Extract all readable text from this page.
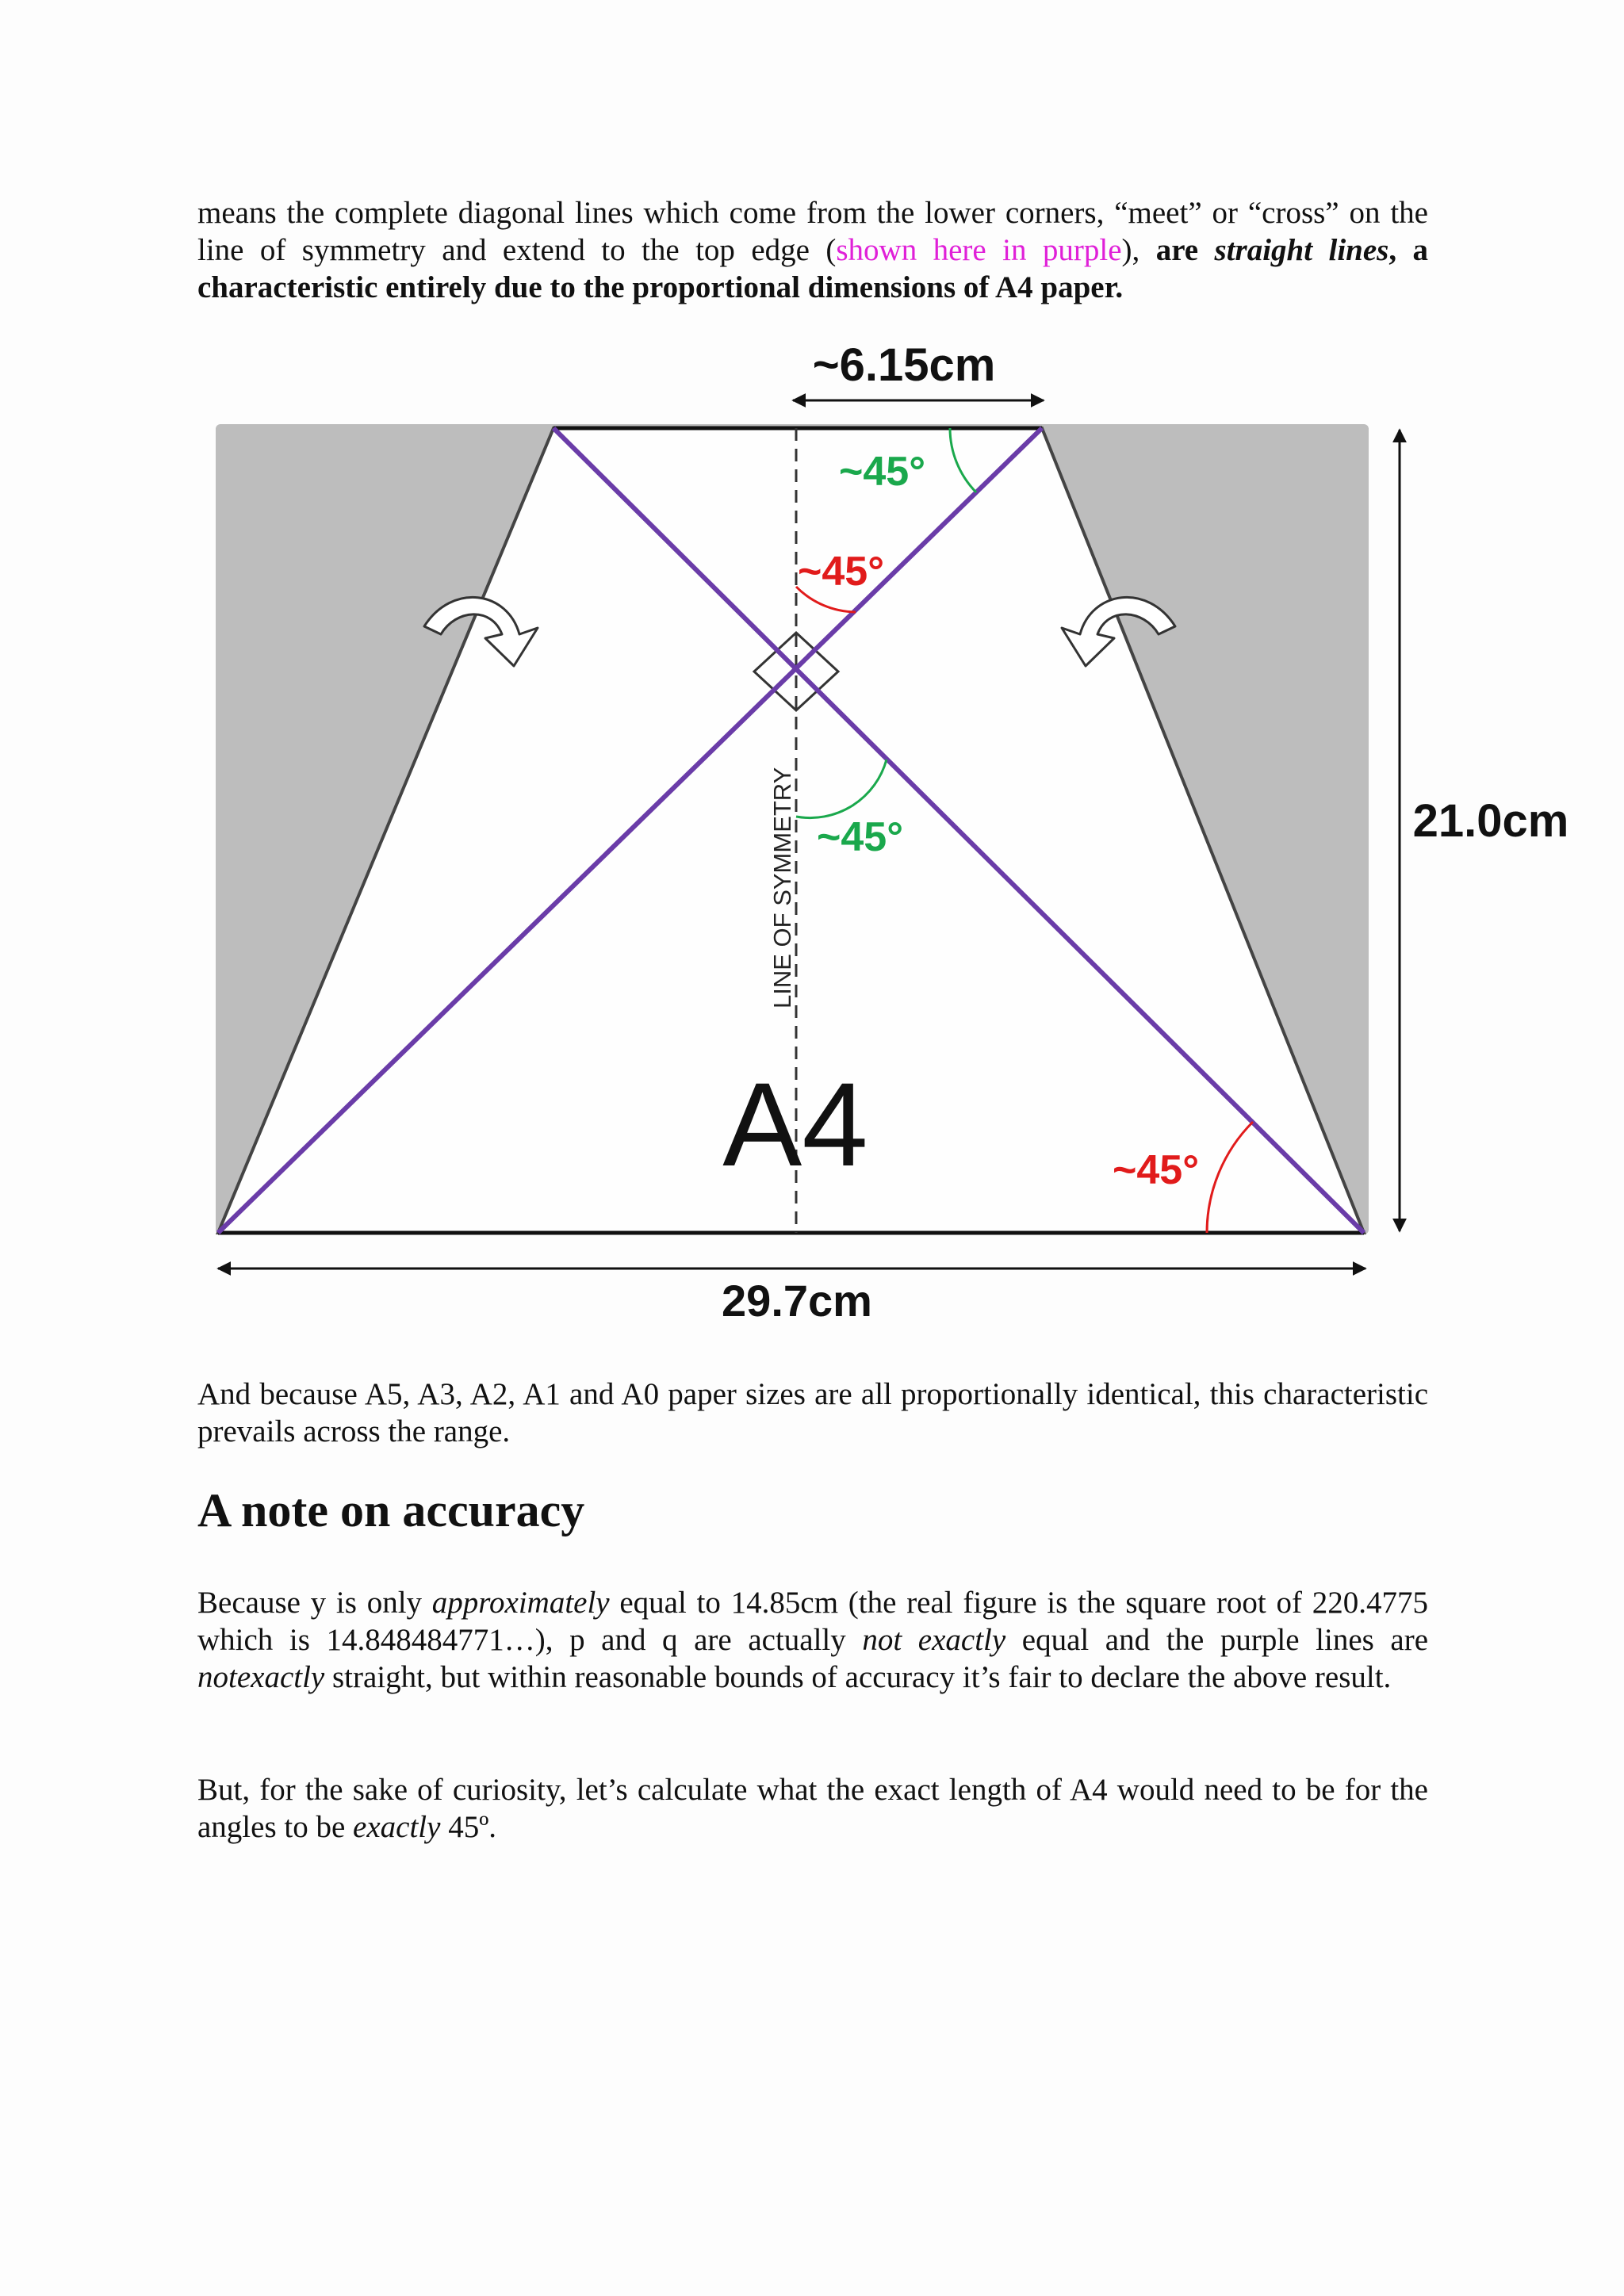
means the complete diagonal lines which come from the lower corners, “meet” or “cross” on the line of symmetry and extend to the top edge (shown here in purple), are straight lines, a characteristic entirely due to the proportional dimensions of A4 paper.

~6.15cm
21.0cm
29.7cm
A4
LINE OF SYMMETRY
~45°
~45°
~45°
~45°

And because A5, A3, A2, A1 and A0 paper sizes are all proportionally identical, this characteristic prevails across the range.

A note on accuracy

Because y is only approximately equal to 14.85cm (the real figure is the square root of 220.4775 which is 14.848484771…), p and q are actually not exactly equal and the purple lines are notexactly straight, but within reasonable bounds of accuracy it’s fair to declare the above result.

But, for the sake of curiosity, let’s calculate what the exact length of A4 would need to be for the angles to be exactly 45º.
